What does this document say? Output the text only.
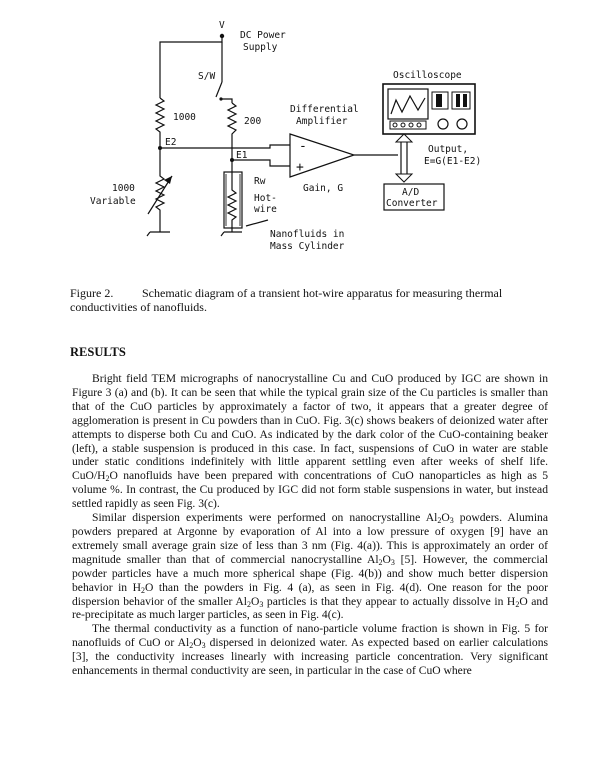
V
DC Power
Supply
S/W
1000	200
Differential
Amplifier
-
+
Gain, G
E2
E1
1000
Variable
Rw
Hot-
wire
Nanofluids in
Mass Cylinder
Output,
E=G(E1-E2)
Oscilloscope
A/D
Converter
Figure 2. Schematic diagram of a transient hot-wire apparatus for measuring thermal conductivities of nanofluids.
RESULTS

Bright field TEM micrographs of nanocrystalline Cu and CuO produced by IGC are shown in Figure 3 (a) and (b). It can be seen that while the typical grain size of the Cu particles is smaller than that of the CuO particles by approximately a factor of two, it appears that a greater degree of agglomeration is present in Cu powders than in CuO. Fig. 3(c) shows beakers of deionized water after attempts to disperse both Cu and CuO. As indicated by the dark color of the CuO-containing beaker (left), a stable suspension is produced in this case. In fact, suspensions of CuO in water are stable under static conditions indefinitely with little apparent settling even after weeks of shelf life. CuO/$H_2O$ nanofluids have been prepared with concentrations of CuO nanoparticles as high as 5 volume %. In contrast, the Cu produced by IGC did not form stable suspensions in water, but instead settled rapidly as seen Fig. 3(c).

Similar dispersion experiments were performed on nanocrystalline $Al_2O_3$ powders. Alumina powders prepared at Argonne by evaporation of Al into a low pressure of oxygen [9] have an extremely small average grain size of less than 3 nm (Fig. 4(a)). This is approximately an order of magnitude smaller than that of commercial nanocrystalline $Al_2O_3$ [5]. However, the commercial powder particles have a much more spherical shape (Fig. 4(b)) and show much better dispersion behavior in $H_2O$ than the powders in Fig. 4 (a), as seen in Fig. 4(d). One reason for the poor dispersion behavior of the smaller $Al_2O_3$ particles is that they appear to actually dissolve in $H_2O$ and re-precipitate as much larger particles, as seen in Fig. 4(c).

The thermal conductivity as a function of nano-particle volume fraction is shown in Fig. 5 for nanofluids of CuO or $Al_2O_3$ dispersed in deionized water. As expected based on earlier calculations [3], the conductivity increases linearly with increasing particle concentration. Very significant enhancements in thermal conductivity are seen, in particular in the case of CuO where
